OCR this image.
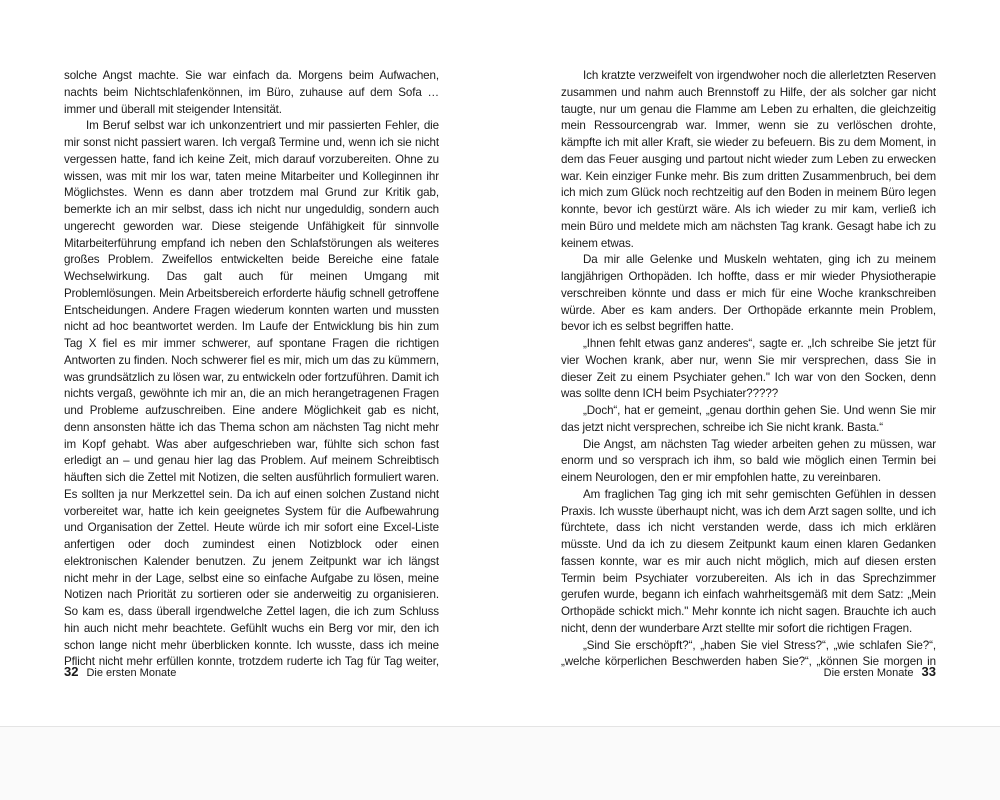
solche Angst machte. Sie war einfach da. Morgens beim Aufwachen, nachts beim Nichtschlafenkönnen, im Büro, zuhause auf dem Sofa … immer und überall mit steigender Intensität.

Im Beruf selbst war ich unkonzentriert und mir passierten Fehler, die mir sonst nicht passiert waren. Ich vergaß Termine und, wenn ich sie nicht vergessen hatte, fand ich keine Zeit, mich darauf vorzubereiten. Ohne zu wissen, was mit mir los war, taten meine Mitarbeiter und Kolleginnen ihr Möglichstes. Wenn es dann aber trotzdem mal Grund zur Kritik gab, bemerkte ich an mir selbst, dass ich nicht nur ungeduldig, sondern auch ungerecht geworden war. Diese steigende Unfähigkeit für sinnvolle Mitarbeiterführung empfand ich neben den Schlafstörungen als weiteres großes Problem. Zweifellos entwickelten beide Bereiche eine fatale Wechselwirkung. Das galt auch für meinen Umgang mit Problemlösungen. Mein Arbeitsbereich erforderte häufig schnell getroffene Entscheidungen. Andere Fragen wiederum konnten warten und mussten nicht ad hoc beantwortet werden. Im Laufe der Entwicklung bis hin zum Tag X fiel es mir immer schwerer, auf spontane Fragen die richtigen Antworten zu finden. Noch schwerer fiel es mir, mich um das zu kümmern, was grundsätzlich zu lösen war, zu entwickeln oder fortzuführen. Damit ich nichts vergaß, gewöhnte ich mir an, die an mich herangetragenen Fragen und Probleme aufzuschreiben. Eine andere Möglichkeit gab es nicht, denn ansonsten hätte ich das Thema schon am nächsten Tag nicht mehr im Kopf gehabt. Was aber aufgeschrieben war, fühlte sich schon fast erledigt an – und genau hier lag das Problem. Auf meinem Schreibtisch häuften sich die Zettel mit Notizen, die selten ausführlich formuliert waren. Es sollten ja nur Merkzettel sein. Da ich auf einen solchen Zustand nicht vorbereitet war, hatte ich kein geeignetes System für die Aufbewahrung und Organisation der Zettel. Heute würde ich mir sofort eine Excel-Liste anfertigen oder doch zumindest einen Notizblock oder einen elektronischen Kalender benutzen. Zu jenem Zeitpunkt war ich längst nicht mehr in der Lage, selbst eine so einfache Aufgabe zu lösen, meine Notizen nach Priorität zu sortieren oder sie anderweitig zu organisieren. So kam es, dass überall irgendwelche Zettel lagen, die ich zum Schluss hin auch nicht mehr beachtete. Gefühlt wuchs ein Berg vor mir, den ich schon lange nicht mehr überblicken konnte. Ich wusste, dass ich meine Pflicht nicht mehr erfüllen konnte, trotzdem ruderte ich Tag für Tag weiter,

Ich kratzte verzweifelt von irgendwoher noch die allerletzten Reserven zusammen und nahm auch Brennstoff zu Hilfe, der als solcher gar nicht taugte, nur um genau die Flamme am Leben zu erhalten, die gleichzeitig mein Ressourcengrab war. Immer, wenn sie zu verlöschen drohte, kämpfte ich mit aller Kraft, sie wieder zu befeuern. Bis zu dem Moment, in dem das Feuer ausging und partout nicht wieder zum Leben zu erwecken war. Kein einziger Funke mehr. Bis zum dritten Zusammenbruch, bei dem ich mich zum Glück noch rechtzeitig auf den Boden in meinem Büro legen konnte, bevor ich gestürzt wäre. Als ich wieder zu mir kam, verließ ich mein Büro und meldete mich am nächsten Tag krank. Gesagt habe ich zu keinem etwas.

Da mir alle Gelenke und Muskeln wehtaten, ging ich zu meinem langjährigen Orthopäden. Ich hoffte, dass er mir wieder Physiotherapie verschreiben könnte und dass er mich für eine Woche krankschreiben würde. Aber es kam anders. Der Orthopäde erkannte mein Problem, bevor ich es selbst begriffen hatte.

„Ihnen fehlt etwas ganz anderes“, sagte er. „Ich schreibe Sie jetzt für vier Wochen krank, aber nur, wenn Sie mir versprechen, dass Sie in dieser Zeit zu einem Psychiater gehen." Ich war von den Socken, denn was sollte denn ICH beim Psychiater?????

„Doch“, hat er gemeint, „genau dorthin gehen Sie. Und wenn Sie mir das jetzt nicht versprechen, schreibe ich Sie nicht krank. Basta.“

Die Angst, am nächsten Tag wieder arbeiten gehen zu müssen, war enorm und so versprach ich ihm, so bald wie möglich einen Termin bei einem Neurologen, den er mir empfohlen hatte, zu vereinbaren.

Am fraglichen Tag ging ich mit sehr gemischten Gefühlen in dessen Praxis. Ich wusste überhaupt nicht, was ich dem Arzt sagen sollte, und ich fürchtete, dass ich nicht verstanden werde, dass ich mich erklären müsste. Und da ich zu diesem Zeitpunkt kaum einen klaren Gedanken fassen konnte, war es mir auch nicht möglich, mich auf diesen ersten Termin beim Psychiater vorzubereiten. Als ich in das Sprechzimmer gerufen wurde, begann ich einfach wahrheitsgemäß mit dem Satz: „Mein Orthopäde schickt mich." Mehr konnte ich nicht sagen. Brauchte ich auch nicht, denn der wunderbare Arzt stellte mir sofort die richtigen Fragen.

„Sind Sie erschöpft?“, „haben Sie viel Stress?“, „wie schlafen Sie?“, „welche körperlichen Beschwerden haben Sie?“, „können Sie morgen in

32 Die ersten Monate	Die ersten Monate 33
